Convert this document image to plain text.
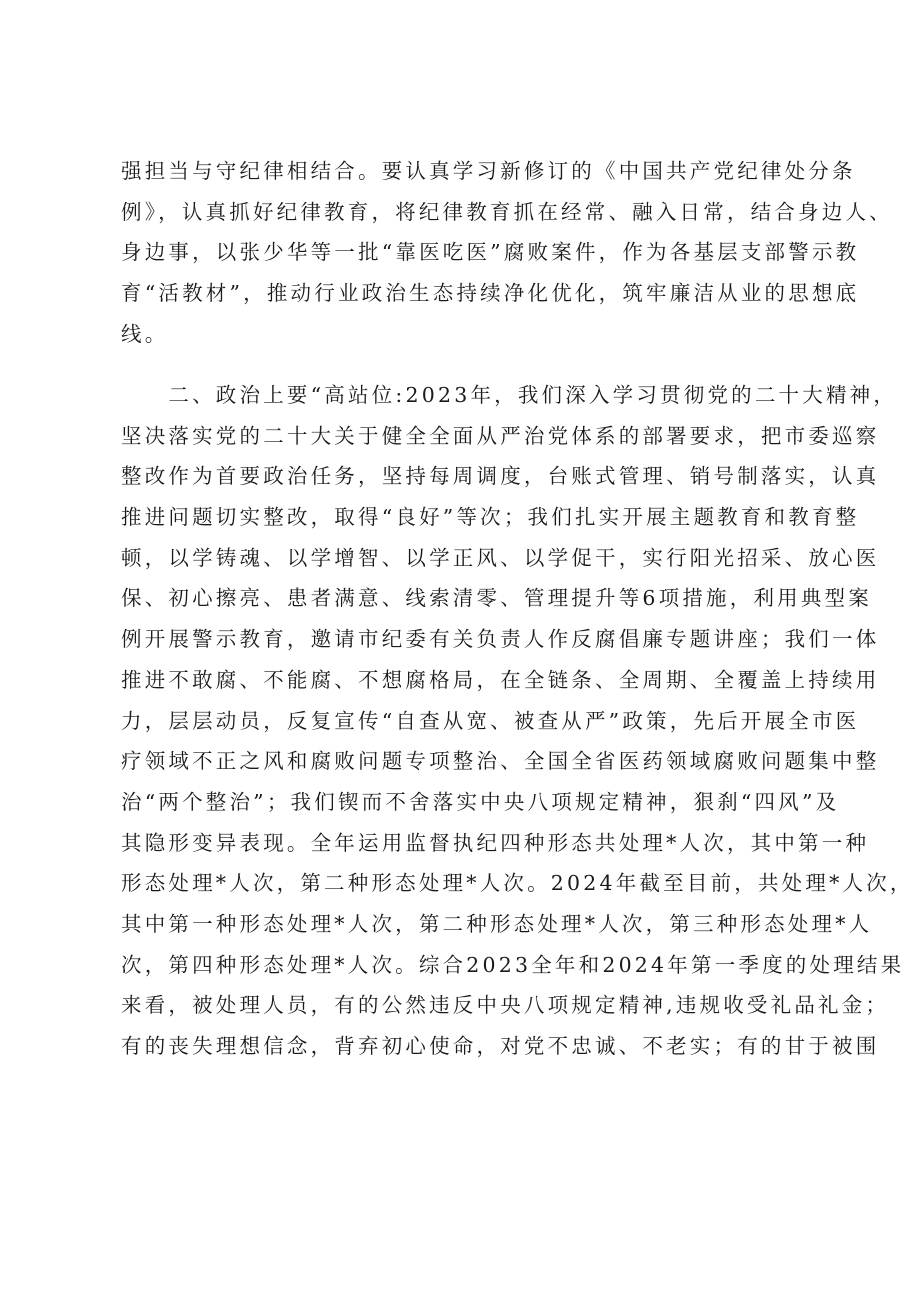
强担当与守纪律相结合。要认真学习新修订的《中国共产党纪律处分条
例》，认真抓好纪律教育，将纪律教育抓在经常、融入日常，结合身边人、
身边事，以张少华等一批“靠医吃医”腐败案件，作为各基层支部警示教
育“活教材”，推动行业政治生态持续净化优化，筑牢廉洁从业的思想底
线。
　　二、政治上要“高站位:2023年，我们深入学习贯彻党的二十大精神，
坚决落实党的二十大关于健全全面从严治党体系的部署要求，把市委巡察
整改作为首要政治任务，坚持每周调度，台账式管理、销号制落实，认真
推进问题切实整改，取得“良好”等次；我们扎实开展主题教育和教育整
顿，以学铸魂、以学增智、以学正风、以学促干，实行阳光招采、放心医
保、初心擦亮、患者满意、线索清零、管理提升等6项措施，利用典型案
例开展警示教育，邀请市纪委有关负责人作反腐倡廉专题讲座；我们一体
推进不敢腐、不能腐、不想腐格局，在全链条、全周期、全覆盖上持续用
力，层层动员，反复宣传“自查从宽、被查从严”政策，先后开展全市医
疗领域不正之风和腐败问题专项整治、全国全省医药领域腐败问题集中整
治“两个整治”；我们锲而不舍落实中央八项规定精神，狠刹“四风”及
其隐形变异表现。全年运用监督执纪四种形态共处理*人次，其中第一种
形态处理*人次，第二种形态处理*人次。2024年截至目前，共处理*人次，
其中第一种形态处理*人次，第二种形态处理*人次，第三种形态处理*人
次，第四种形态处理*人次。综合2023全年和2024年第一季度的处理结果
来看，被处理人员，有的公然违反中央八项规定精神,违规收受礼品礼金；
有的丧失理想信念，背弃初心使命，对党不忠诚、不老实；有的甘于被围
